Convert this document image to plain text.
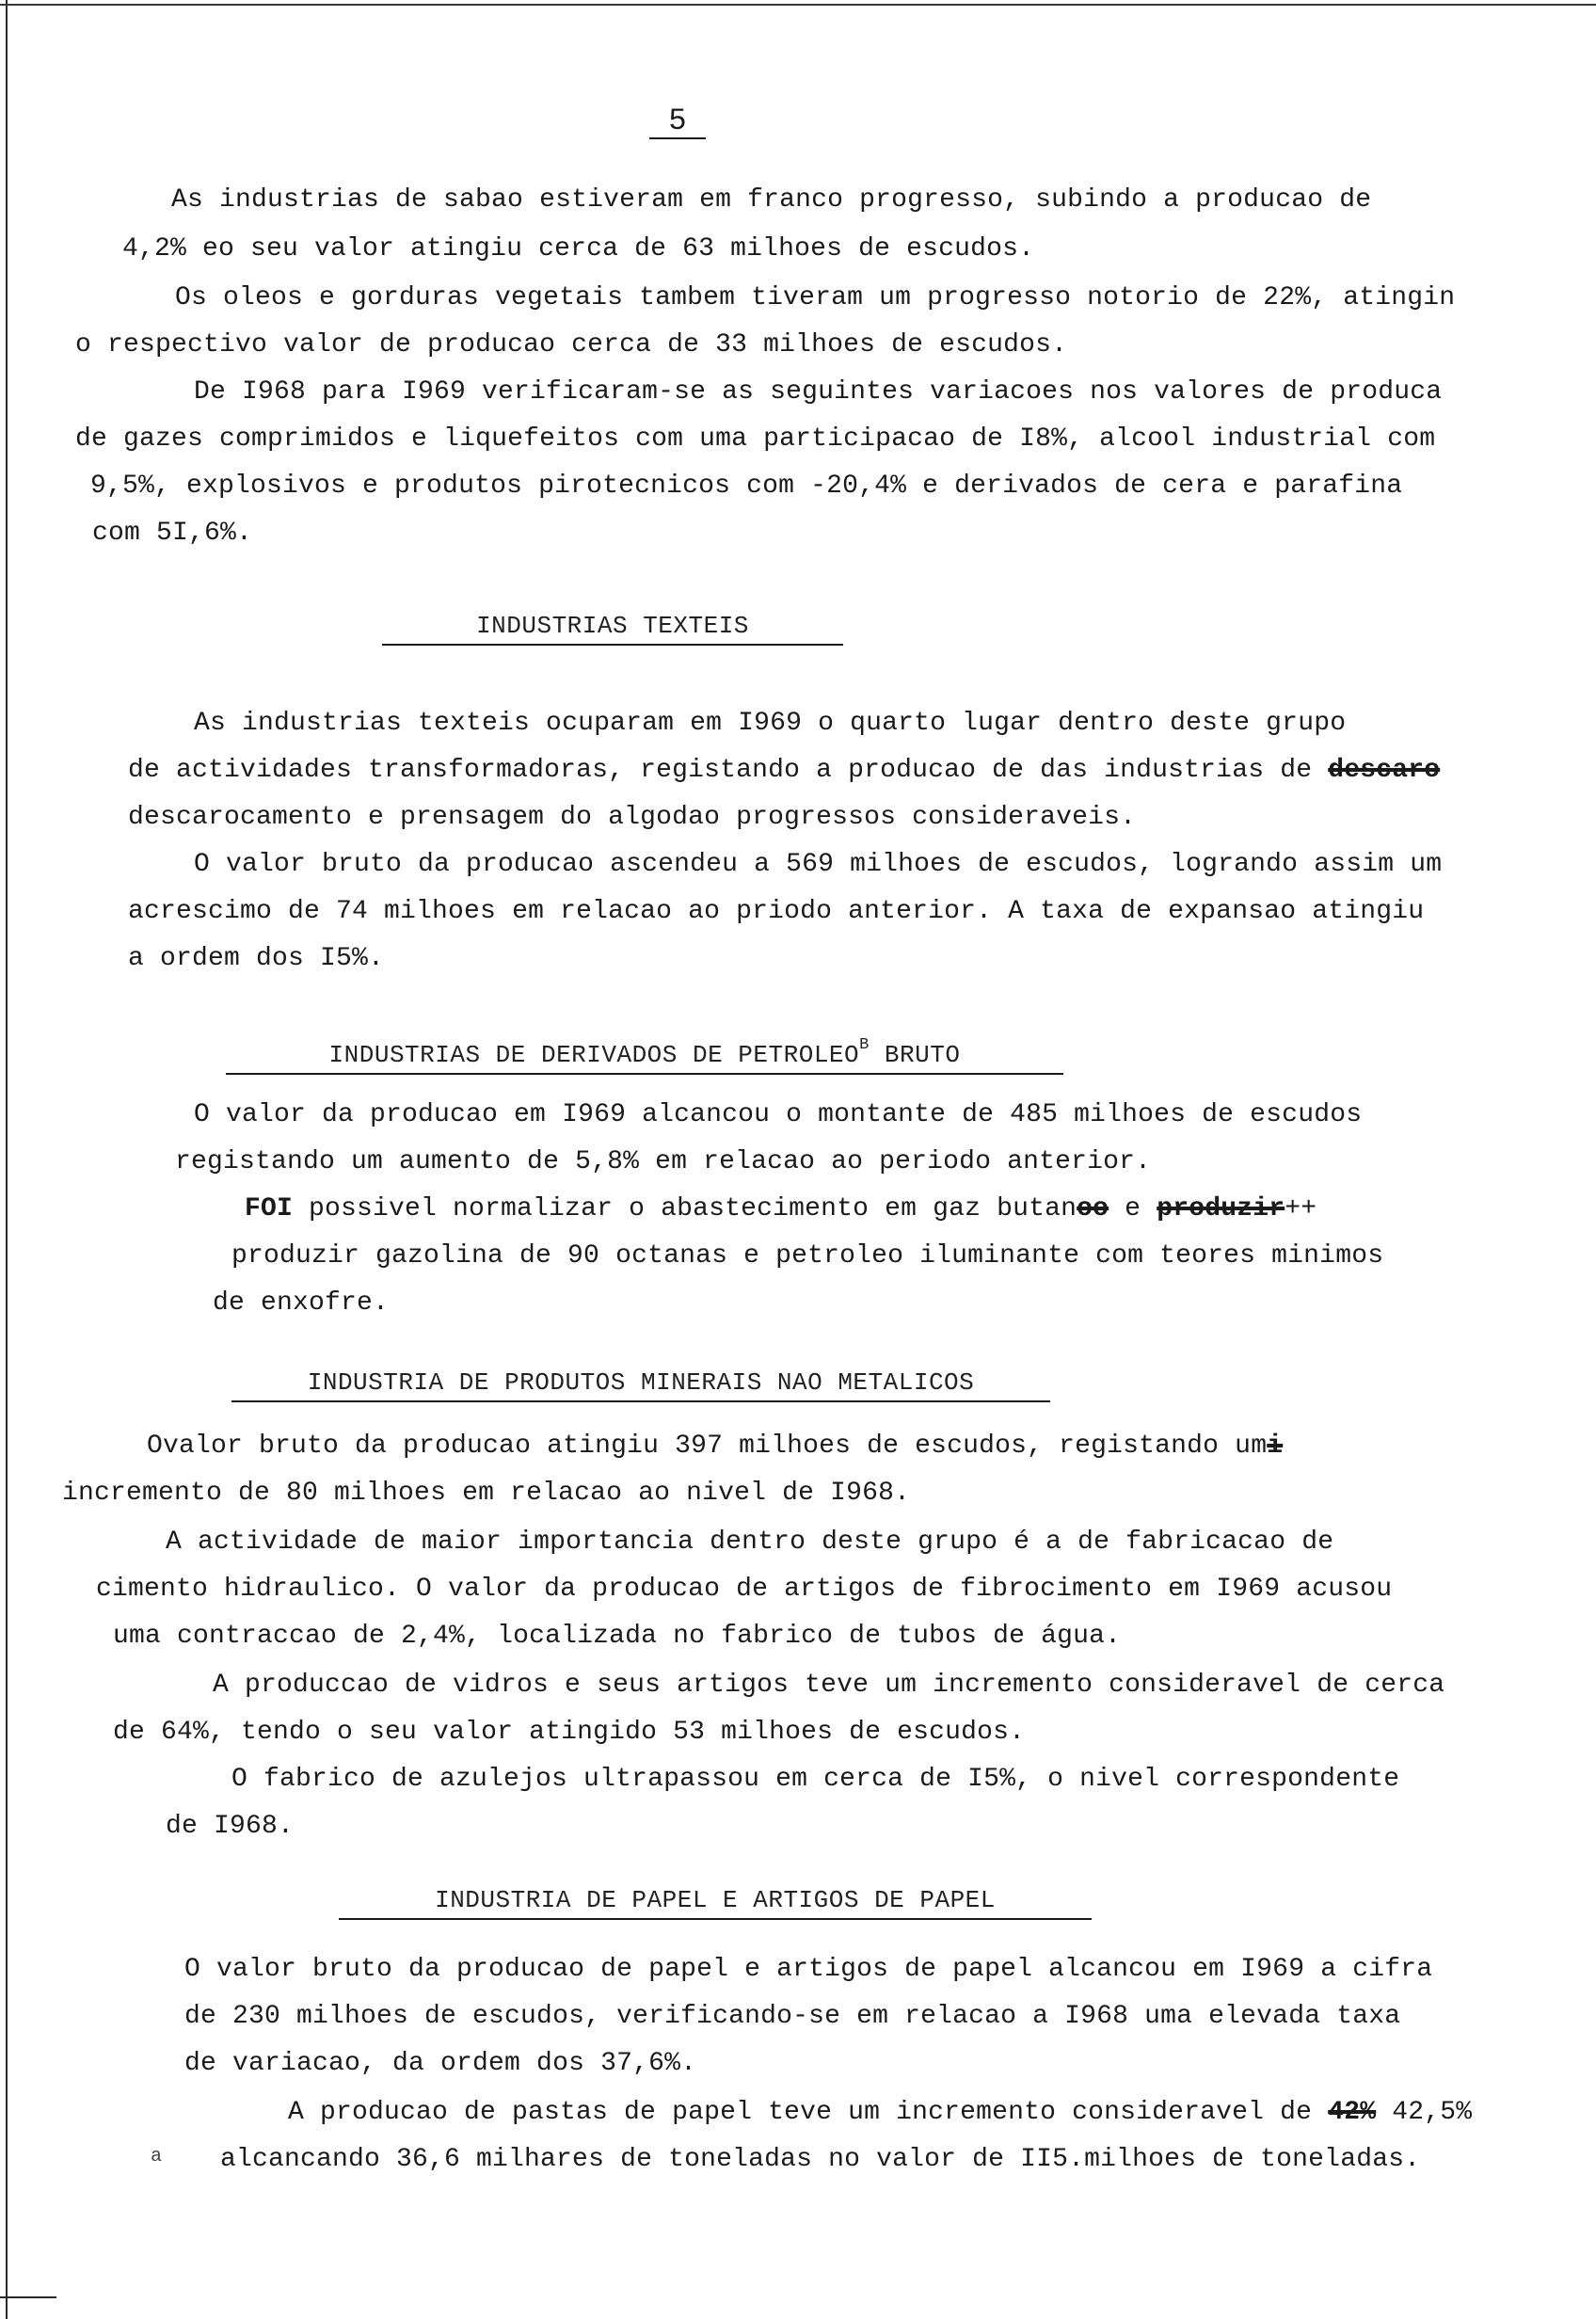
5
As industrias de sabao estiveram em franco progresso, subindo a producao de
4,2% eo seu valor atingiu cerca de 63 milhoes de escudos.
Os oleos e gorduras vegetais tambem tiveram um progresso notorio de 22%, atingin
o respectivo valor de producao cerca de 33 milhoes de escudos.
De I968 para I969 verificaram-se as seguintes variacoes nos valores de produca
de gazes comprimidos e liquefeitos com uma participacao de I8%, alcool industrial com
9,5%, explosivos e produtos pirotecnicos com -20,4% e derivados de cera e parafina
com 5I,6%.
INDUSTRIAS TEXTEIS
As industrias texteis ocuparam em I969 o quarto lugar dentro deste grupo
de actividades transformadoras, registando a producao de das industrias de descaro
descarocamento e prensagem do algodao progressos consideraveis.
O valor bruto da producao ascendeu a 569 milhoes de escudos, logrando assim um
acrescimo de 74 milhoes em relacao ao priodo anterior. A taxa de expansao atingiu
a ordem dos I5%.
INDUSTRIAS DE DERIVADOS DE $PETROLEO^B$ BRUTO
O valor da producao em I969 alcancou o montante de 485 milhoes de escudos
registando um aumento de 5,8% em relacao ao periodo anterior.
FOI possivel normalizar o abastecimento em gaz butanoo e produzir++
produzir gazolina de 90 octanas e petroleo iluminante com teores minimos
de enxofre.
INDUSTRIA DE PRODUTOS MINERAIS NAO METALICOS
Ovalor bruto da producao atingiu 397 milhoes de escudos, registando umi
incremento de 80 milhoes em relacao ao nivel de I968.
A actividade de maior importancia dentro deste grupo é a de fabricacao de
cimento hidraulico. O valor da producao de artigos de fibrocimento em I969 acusou
uma contraccao de 2,4%, localizada no fabrico de tubos de água.
A produccao de vidros e seus artigos teve um incremento consideravel de cerca
de 64%, tendo o seu valor atingido 53 milhoes de escudos.
O fabrico de azulejos ultrapassou em cerca de I5%, o nivel correspondente
de I968.
INDUSTRIA DE PAPEL E ARTIGOS DE PAPEL
O valor bruto da producao de papel e artigos de papel alcancou em I969 a cifra
de 230 milhoes de escudos, verificando-se em relacao a I968 uma elevada taxa
de variacao, da ordem dos 37,6%.
A producao de pastas de papel teve um incremento consideravel de 42% 42,5%
a alcancando 36,6 milhares de toneladas no valor de II5.milhoes de toneladas.
